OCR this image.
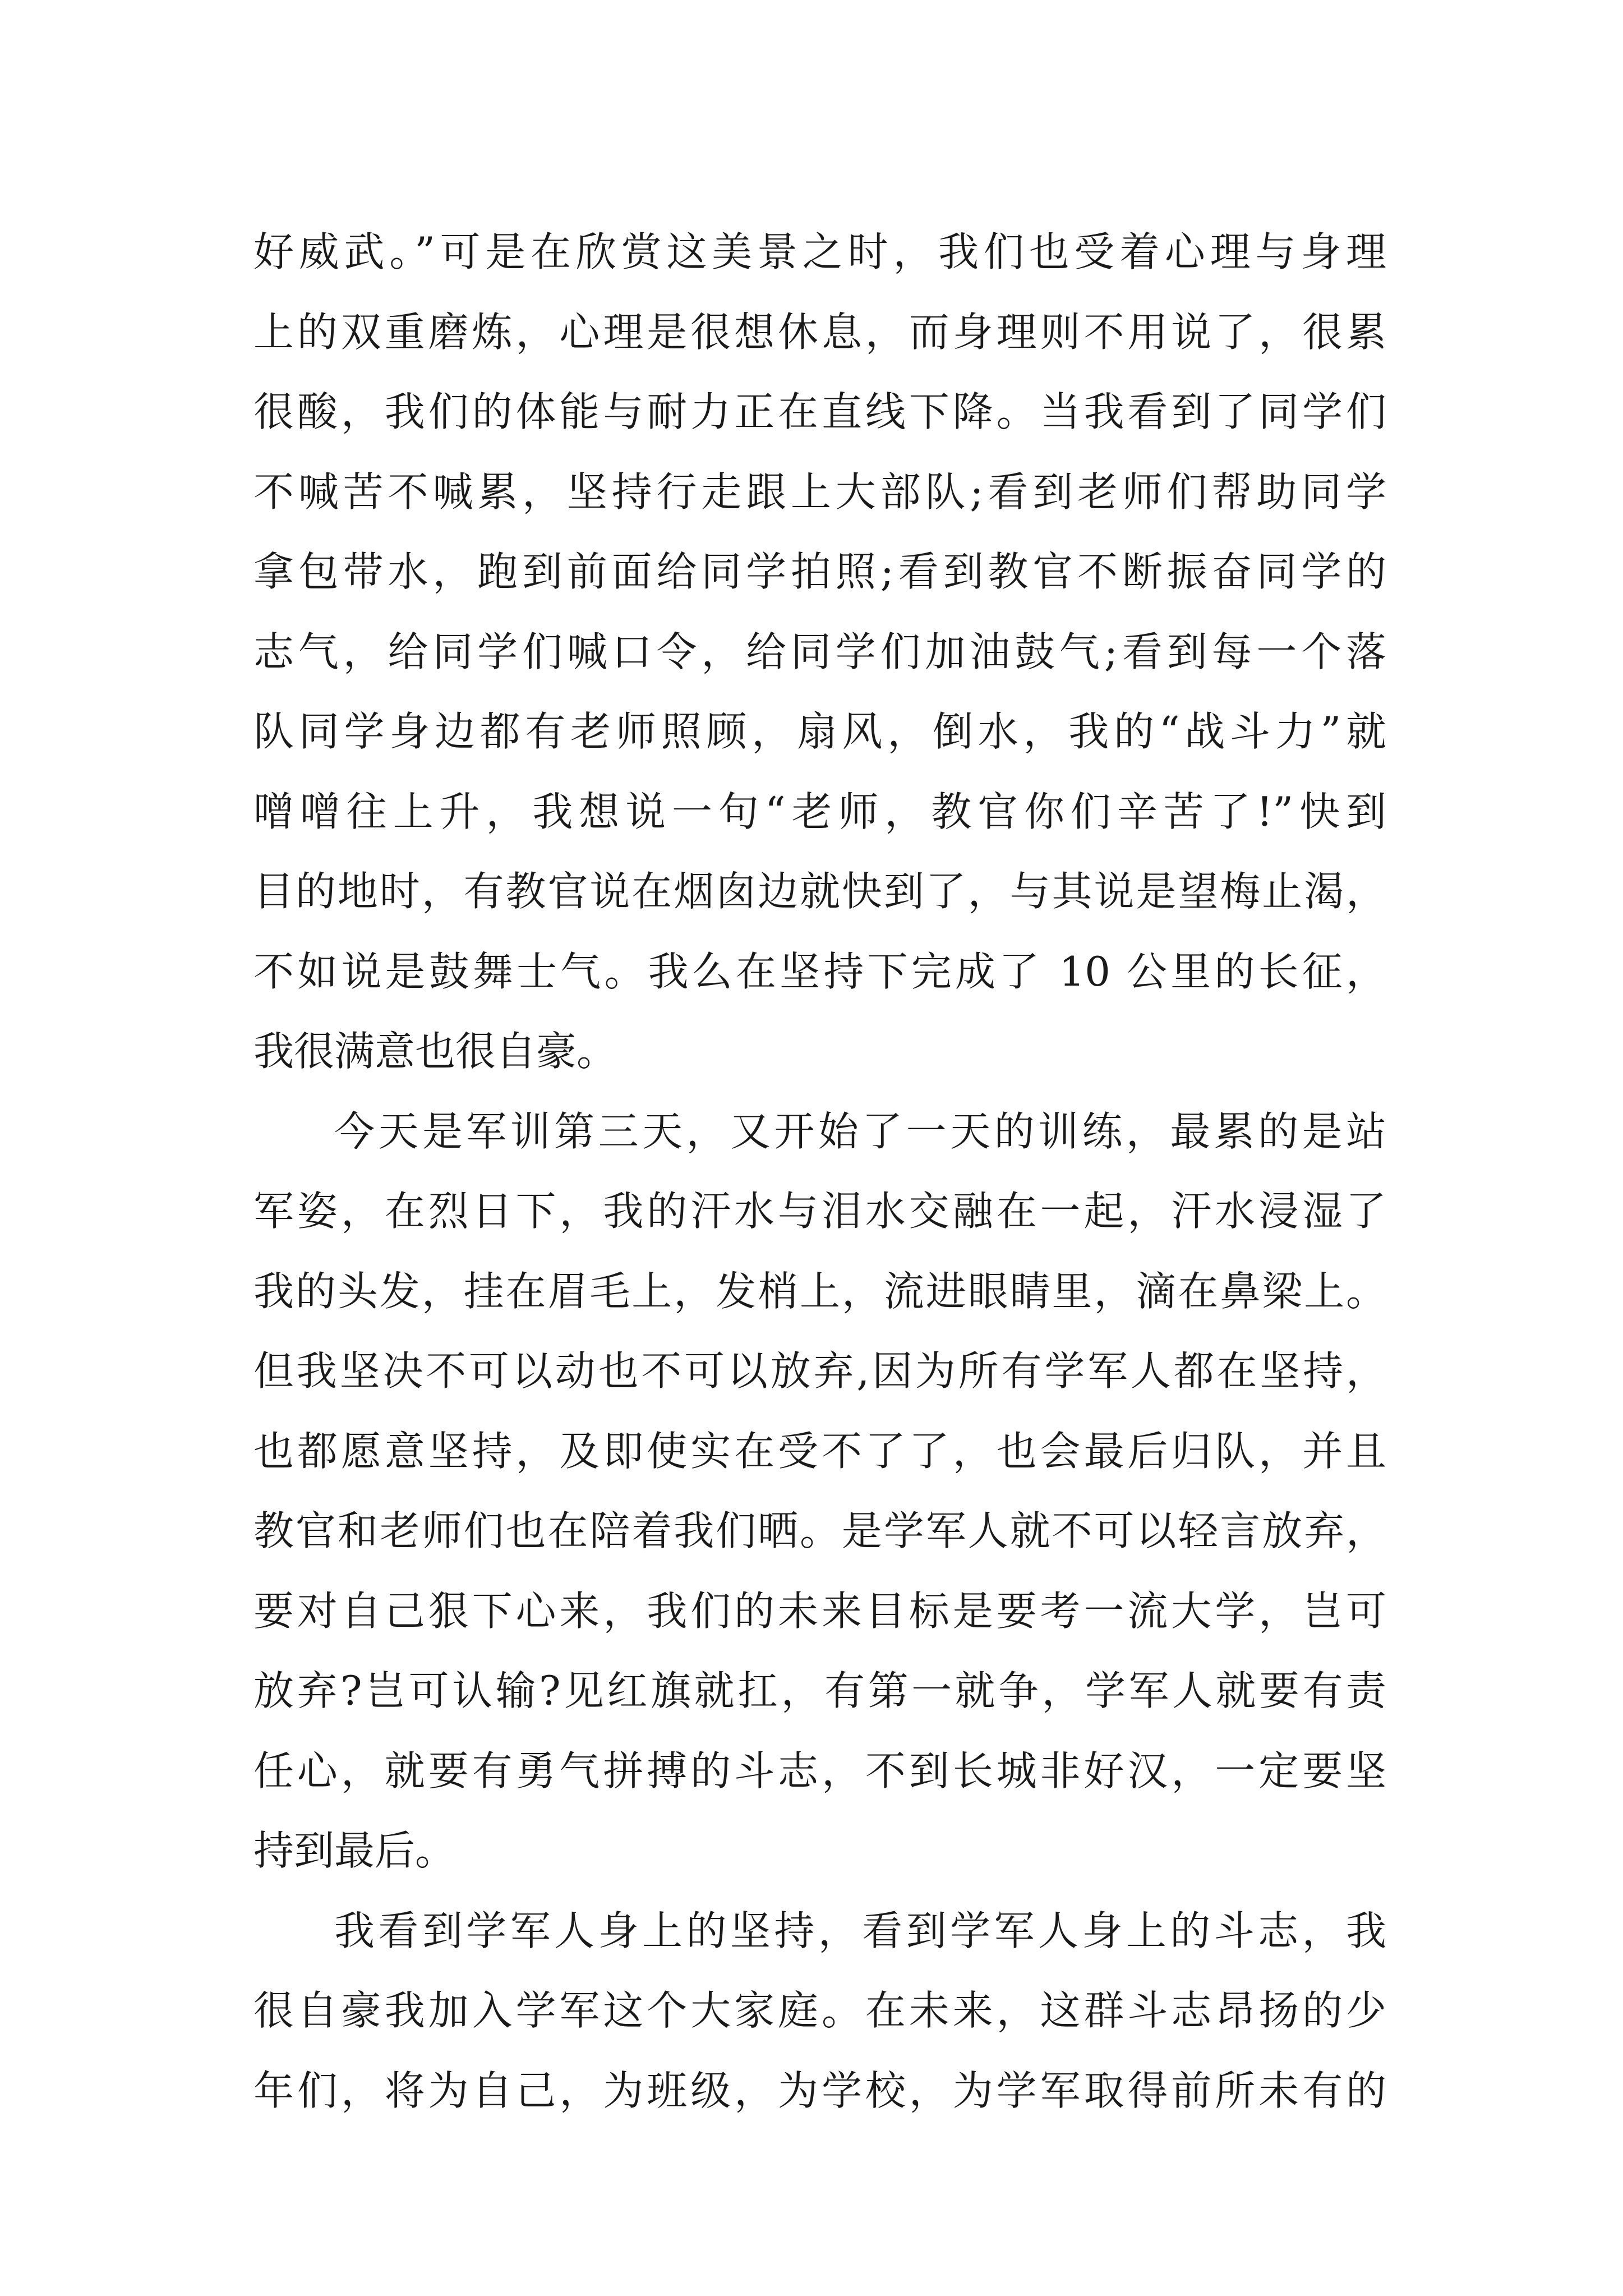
好威武。”可是在欣赏这美景之时，我们也受着心理与身理
上的双重磨炼，心理是很想休息，而身理则不用说了，很累
很酸，我们的体能与耐力正在直线下降。当我看到了同学们
不喊苦不喊累，坚持行走跟上大部队;看到老师们帮助同学
拿包带水，跑到前面给同学拍照;看到教官不断振奋同学的
志气，给同学们喊口令，给同学们加油鼓气;看到每一个落
队同学身边都有老师照顾，扇风，倒水，我的“战斗力”就
噌噌往上升，我想说一句“老师，教官你们辛苦了!”快到
目的地时，有教官说在烟囱边就快到了，与其说是望梅止渴，
不如说是鼓舞士气。我么在坚持下完成了 10 公里的长征，
我很满意也很自豪。

今天是军训第三天，又开始了一天的训练，最累的是站
军姿，在烈日下，我的汗水与泪水交融在一起，汗水浸湿了
我的头发，挂在眉毛上，发梢上，流进眼睛里，滴在鼻梁上。
但我坚决不可以动也不可以放弃,因为所有学军人都在坚持，
也都愿意坚持，及即使实在受不了了，也会最后归队，并且
教官和老师们也在陪着我们晒。是学军人就不可以轻言放弃，
要对自己狠下心来，我们的未来目标是要考一流大学，岂可
放弃?岂可认输?见红旗就扛，有第一就争，学军人就要有责
任心，就要有勇气拼搏的斗志，不到长城非好汉，一定要坚
持到最后。

我看到学军人身上的坚持，看到学军人身上的斗志，我
很自豪我加入学军这个大家庭。在未来，这群斗志昂扬的少
年们，将为自己，为班级，为学校，为学军取得前所未有的
